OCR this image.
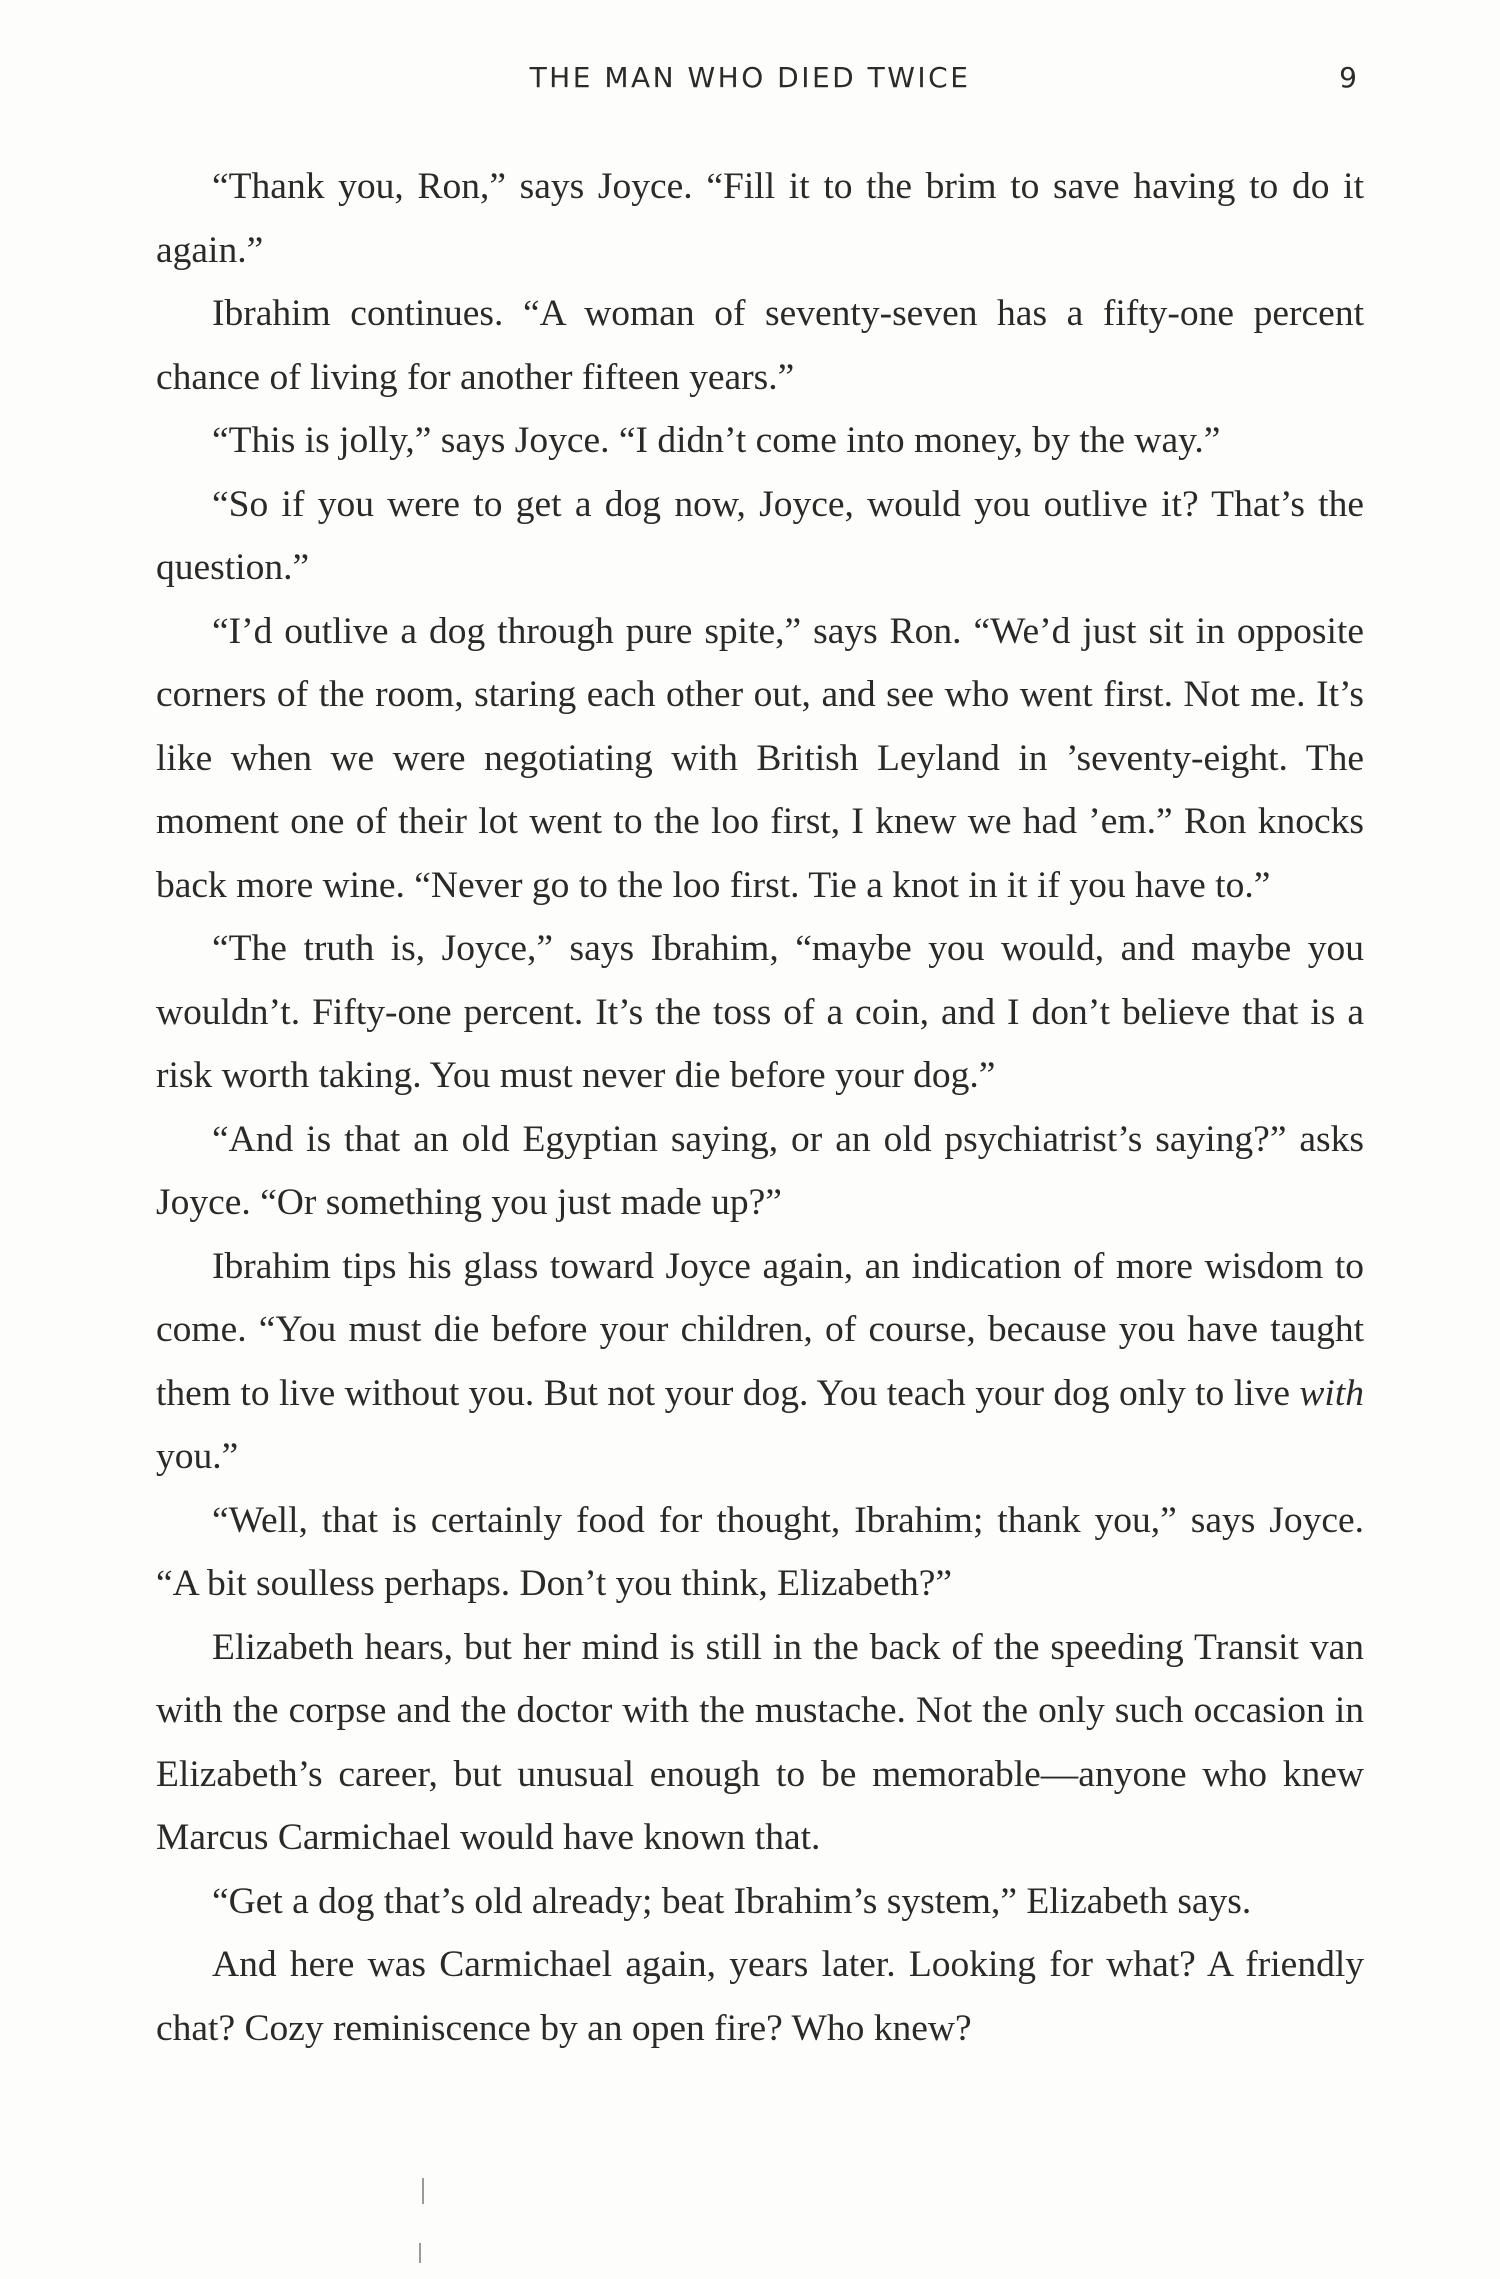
THE MAN WHO DIED TWICE	9

“Thank you, Ron,” says Joyce. “Fill it to the brim to save having to do it again.”

Ibrahim continues. “A woman of seventy-seven has a fifty-one percent chance of living for another fifteen years.”

“This is jolly,” says Joyce. “I didn’t come into money, by the way.”

“So if you were to get a dog now, Joyce, would you outlive it? That’s the question.”

“I’d outlive a dog through pure spite,” says Ron. “We’d just sit in opposite corners of the room, staring each other out, and see who went first. Not me. It’s like when we were negotiating with British Leyland in ’seventy-eight. The moment one of their lot went to the loo first, I knew we had ’em.” Ron knocks back more wine. “Never go to the loo first. Tie a knot in it if you have to.”

“The truth is, Joyce,” says Ibrahim, “maybe you would, and maybe you wouldn’t. Fifty-one percent. It’s the toss of a coin, and I don’t believe that is a risk worth taking. You must never die before your dog.”

“And is that an old Egyptian saying, or an old psychiatrist’s saying?” asks Joyce. “Or something you just made up?”

Ibrahim tips his glass toward Joyce again, an indication of more wisdom to come. “You must die before your children, of course, because you have taught them to live without you. But not your dog. You teach your dog only to live with you.”

“Well, that is certainly food for thought, Ibrahim; thank you,” says Joyce. “A bit soulless perhaps. Don’t you think, Elizabeth?”

Elizabeth hears, but her mind is still in the back of the speeding Transit van with the corpse and the doctor with the mustache. Not the only such occasion in Elizabeth’s career, but unusual enough to be memorable—anyone who knew Marcus Carmichael would have known that.

“Get a dog that’s old already; beat Ibrahim’s system,” Elizabeth says.

And here was Carmichael again, years later. Looking for what? A friendly chat? Cozy reminiscence by an open fire? Who knew?
